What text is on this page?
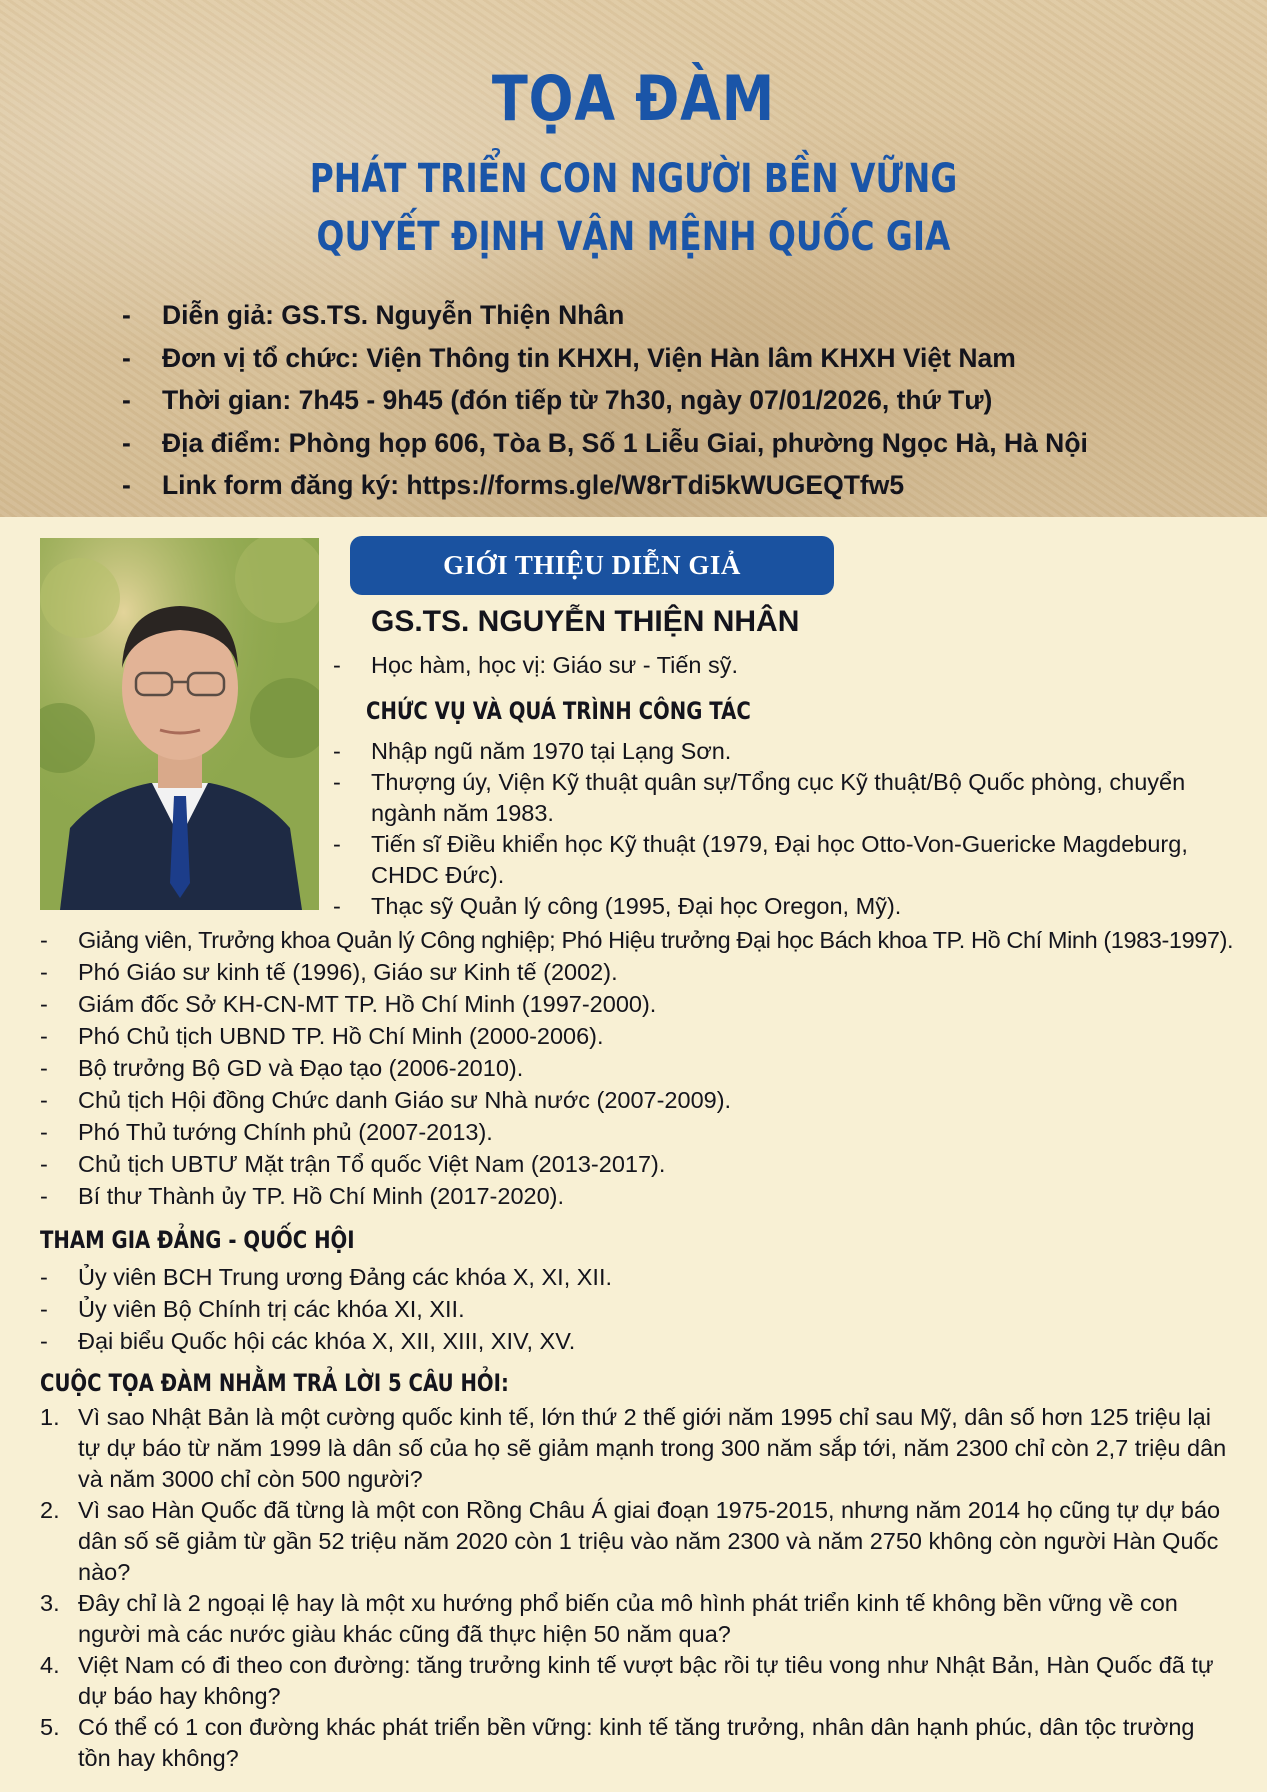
TỌA ĐÀM
PHÁT TRIỂN CON NGƯỜI BỀN VỮNG
QUYẾT ĐỊNH VẬN MỆNH QUỐC GIA
- Diễn giả: GS.TS. Nguyễn Thiện Nhân
- Đơn vị tổ chức: Viện Thông tin KHXH, Viện Hàn lâm KHXH Việt Nam
- Thời gian: 7h45 - 9h45 (đón tiếp từ 7h30, ngày 07/01/2026, thứ Tư)
- Địa điểm: Phòng họp 606, Tòa B, Số 1 Liễu Giai, phường Ngọc Hà, Hà Nội
- Link form đăng ký: https://forms.gle/W8rTdi5kWUGEQTfw5
GIỚI THIỆU DIỄN GIẢ
GS.TS. NGUYỄN THIỆN NHÂN
- Học hàm, học vị: Giáo sư - Tiến sỹ.
CHỨC VỤ VÀ QUÁ TRÌNH CÔNG TÁC
- Nhập ngũ năm 1970 tại Lạng Sơn.
- Thượng úy, Viện Kỹ thuật quân sự/Tổng cục Kỹ thuật/Bộ Quốc phòng, chuyển ngành năm 1983.
- Tiến sĩ Điều khiển học Kỹ thuật (1979, Đại học Otto-Von-Guericke Magdeburg, CHDC Đức).
- Thạc sỹ Quản lý công (1995, Đại học Oregon, Mỹ).
- Giảng viên, Trưởng khoa Quản lý Công nghiệp; Phó Hiệu trưởng Đại học Bách khoa TP. Hồ Chí Minh (1983-1997).
- Phó Giáo sư kinh tế (1996), Giáo sư Kinh tế (2002).
- Giám đốc Sở KH-CN-MT TP. Hồ Chí Minh (1997-2000).
- Phó Chủ tịch UBND TP. Hồ Chí Minh (2000-2006).
- Bộ trưởng Bộ GD và Đạo tạo (2006-2010).
- Chủ tịch Hội đồng Chức danh Giáo sư Nhà nước (2007-2009).
- Phó Thủ tướng Chính phủ (2007-2013).
- Chủ tịch UBTƯ Mặt trận Tổ quốc Việt Nam (2013-2017).
- Bí thư Thành ủy TP. Hồ Chí Minh (2017-2020).
THAM GIA ĐẢNG - QUỐC HỘI
- Ủy viên BCH Trung ương Đảng các khóa X, XI, XII.
- Ủy viên Bộ Chính trị các khóa XI, XII.
- Đại biểu Quốc hội các khóa X, XII, XIII, XIV, XV.
CUỘC TỌA ĐÀM NHẰM TRẢ LỜI 5 CÂU HỎI:
1. Vì sao Nhật Bản là một cường quốc kinh tế, lớn thứ 2 thế giới năm 1995 chỉ sau Mỹ, dân số hơn 125 triệu lại tự dự báo từ năm 1999 là dân số của họ sẽ giảm mạnh trong 300 năm sắp tới, năm 2300 chỉ còn 2,7 triệu dân và năm 3000 chỉ còn 500 người?
2. Vì sao Hàn Quốc đã từng là một con Rồng Châu Á giai đoạn 1975-2015, nhưng năm 2014 họ cũng tự dự báo dân số sẽ giảm từ gần 52 triệu năm 2020 còn 1 triệu vào năm 2300 và năm 2750 không còn người Hàn Quốc nào?
3. Đây chỉ là 2 ngoại lệ hay là một xu hướng phổ biến của mô hình phát triển kinh tế không bền vững về con người mà các nước giàu khác cũng đã thực hiện 50 năm qua?
4. Việt Nam có đi theo con đường: tăng trưởng kinh tế vượt bậc rồi tự tiêu vong như Nhật Bản, Hàn Quốc đã tự dự báo hay không?
5. Có thể có 1 con đường khác phát triển bền vững: kinh tế tăng trưởng, nhân dân hạnh phúc, dân tộc trường tồn hay không?
